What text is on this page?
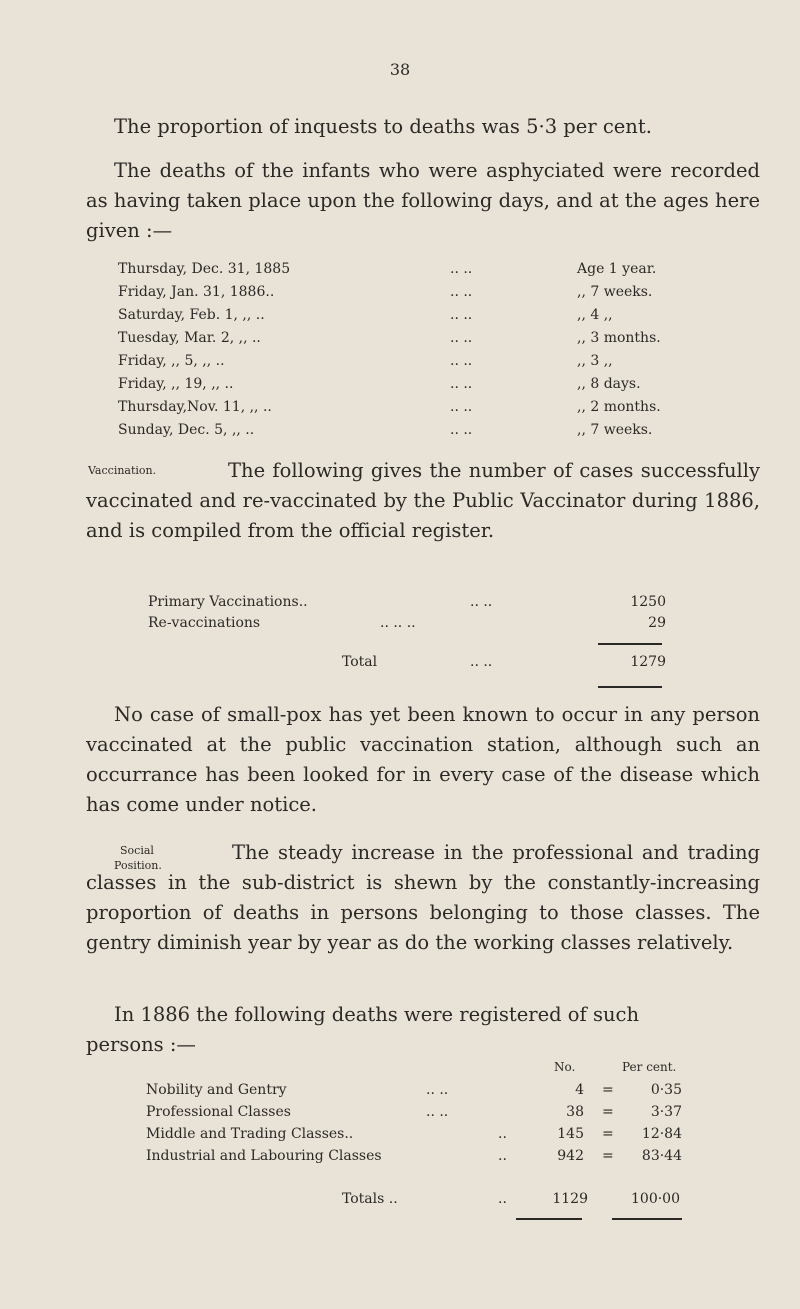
38

The proportion of inquests to deaths was 5·3 per cent.

The deaths of the infants who were asphyciated were recorded as having taken place upon the following days, and at the ages here given :—

Thursday, Dec. 31, 1885	.. ..	Age 1 year.
Friday, Jan. 31, 1886..	.. ..	,, 7 weeks.
Saturday, Feb. 1, ,, ..	.. ..	,, 4 ,,
Tuesday, Mar. 2, ,, ..	.. ..	,, 3 months.
Friday, ,, 5, ,, ..	.. ..	,, 3 ,,
Friday, ,, 19, ,, ..	.. ..	,, 8 days.
Thursday,Nov. 11, ,, ..	.. ..	,, 2 months.
Sunday, Dec. 5, ,, ..	.. ..	,, 7 weeks.
Vaccination.	The following gives the number of cases successfully vaccinated and re-vaccinated by the Public Vaccinator during 1886, and is compiled from the official register.

Primary Vaccinations..	.. ..	1250
Re-vaccinations	.. .. ..	29
Total	.. ..	1279

No case of small-pox has yet been known to occur in any person vaccinated at the public vaccination station, although such an occurrance has been looked for in every case of the disease which has come under notice.

Social
Position.

The steady increase in the professional and trading classes in the sub-district is shewn by the constantly-increasing proportion of deaths in persons belonging to those classes. The gentry diminish year by year as do the working classes relatively.

In 1886 the following deaths were registered of such

persons :—

No.	Per cent.
Nobility and Gentry	.. ..	4 =	0·35
Professional Classes	.. ..	38 =	3·37
Middle and Trading Classes..	..	145 = 12·84
Industrial and Labouring Classes	..	942 = 83·44
Totals ..	..	1129	100·00
